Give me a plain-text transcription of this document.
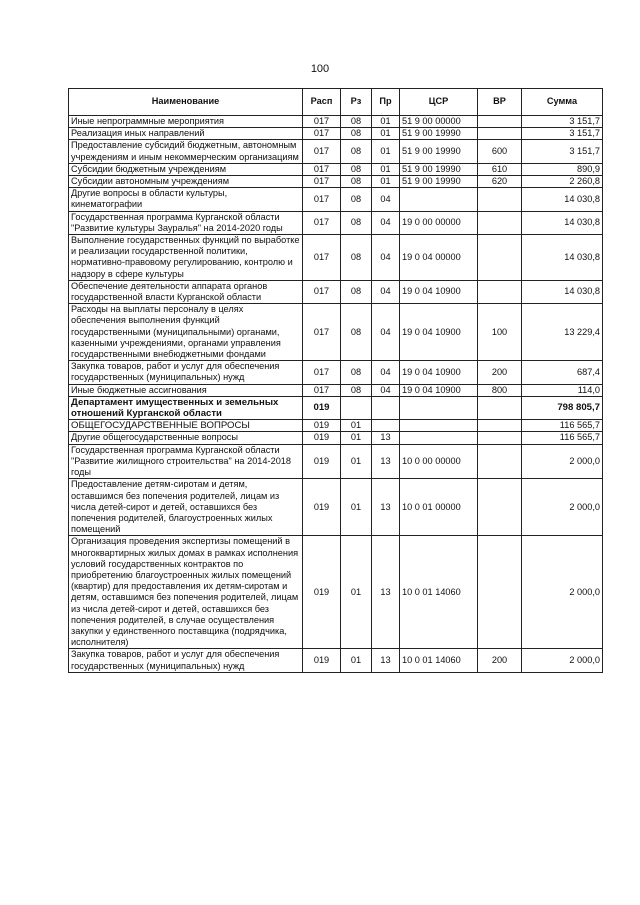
100
Наименование	Расп	Рз	Пр	ЦСР	ВР	Сумма
Иные непрограммные мероприятия	017	08	01	51 9 00 00000		3 151,7
Реализация иных направлений	017	08	01	51 9 00 19990		3 151,7
Предоставление субсидий бюджетным, автономным учреждениям и иным некоммерческим организациям	017	08	01	51 9 00 19990	600	3 151,7
Субсидии бюджетным учреждениям	017	08	01	51 9 00 19990	610	890,9
Субсидии автономным учреждениям	017	08	01	51 9 00 19990	620	2 260,8
Другие вопросы в области культуры, кинематографии	017	08	04			14 030,8
Государственная программа Курганской области "Развитие культуры Зауралья" на 2014-2020 годы	017	08	04	19 0 00 00000		14 030,8
Выполнение государственных функций по выработке и реализации государственной политики, нормативно-правовому регулированию, контролю и надзору в сфере культуры	017	08	04	19 0 04 00000		14 030,8
Обеспечение деятельности аппарата органов государственной власти Курганской области	017	08	04	19 0 04 10900		14 030,8
Расходы на выплаты персоналу в целях обеспечения выполнения функций государственными (муниципальными) органами, казенными учреждениями, органами управления государственными внебюджетными фондами	017	08	04	19 0 04 10900	100	13 229,4
Закупка товаров, работ и услуг для обеспечения государственных (муниципальных) нужд	017	08	04	19 0 04 10900	200	687,4
Иные бюджетные ассигнования	017	08	04	19 0 04 10900	800	114,0
Департамент имущественных и земельных отношений Курганской области	019					798 805,7
ОБЩЕГОСУДАРСТВЕННЫЕ ВОПРОСЫ	019	01				116 565,7
Другие общегосударственные вопросы	019	01	13			116 565,7
Государственная программа Курганской области "Развитие жилищного строительства" на 2014-2018 годы	019	01	13	10 0 00 00000		2 000,0
Предоставление детям-сиротам и детям, оставшимся без попечения родителей, лицам из числа детей-сирот и детей, оставшихся без попечения родителей, благоустроенных жилых помещений	019	01	13	10 0 01 00000		2 000,0
Организация проведения экспертизы помещений в многоквартирных жилых домах в рамках исполнения условий государственных контрактов по приобретению благоустроенных жилых помещений (квартир) для предоставления их детям-сиротам и детям, оставшимся без попечения родителей, лицам из числа детей-сирот и детей, оставшихся без попечения родителей, в случае осуществления закупки у единственного поставщика (подрядчика, исполнителя)	019	01	13	10 0 01 14060		2 000,0
Закупка товаров, работ и услуг для обеспечения государственных (муниципальных) нужд	019	01	13	10 0 01 14060	200	2 000,0
